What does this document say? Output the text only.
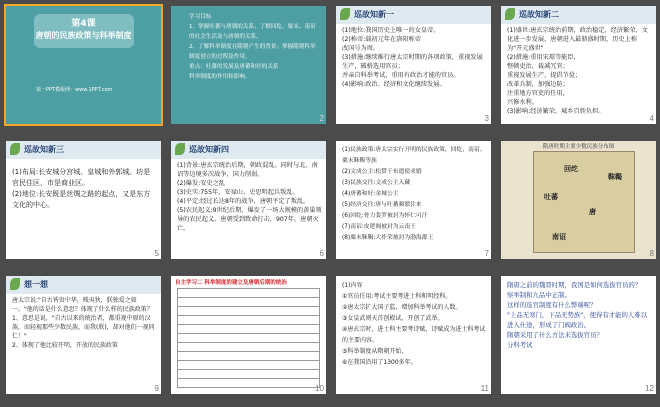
第4课
唐朝的民族政策与科举制度
第一PPT模板网：www.1PPT.com
学习目标
1、掌握吐蕃与唐朝的关系；了解回纥、粟末、南诏的社会生活及与唐朝的关系。
2、了解科举制度在隋朝产生的背景；掌握隋朝科举制度创立的过程及作用。
重点：吐蕃的发展及唐蕃和好的关系
科举制度的作用和影响。
2
巡故知新一
(1)地位:我国历史上唯一的女皇帝。
(2)称帝:载初元年在洛阳称帝
改国号为周。
(3)措施:继续推行唐太宗时期的各项政策，重视发展生产，破格选用官员；
并亲自科举考试，重用有政治才能的官员。
(4)影响:政治、经济和文化继续发展。
3
巡故知新二
(1)盛世:唐玄宗统治前期，政治稳定，经济繁荣，文化进一步发展，唐朝进入最鼎盛时期，历史上称为"开元盛世"
(2)措施:重用宋璟等能臣，
整顿吏治，裁减冗官；
重视发展生产，提倡节俭；
改革兵制，加强边防；
注重地方官吏的任用，
兴修水利。
(3)影响:经济繁荣，城乡百姓负担。
4
巡故知新三
(1)布局:长安城分宫城、皇城和外郭城。坊是官民住区，市是商业区。
(2)地位:长安既是丝绸之路的起点，又是东方文化的中心。
5
巡故知新四
(1)背景:唐玄宗统治后期，朝政混乱。同时与北、南诏等边境多次战争，国力削弱。
(2)爆发:安史之乱
(3)史实:755年，安禄山、史思明起兵叛乱。
(4)平定:经过长达8年的战争，唐朝平定了叛乱。
(5)农民起义:9世纪后期，爆发了一场大规模的黄巢领导的农民起义。唐朝受到致命打击，907年，唐朝灭亡。
6
(1)民族政策:唐太宗实行开明的民族政策，回纥、南诏、粟末靺鞨等族
(2)文成公主:松赞干布遣使求婚
(3)民族交往:文成公主入藏
(4)唐蕃和好:金城公主
(5)经济交往:唐与吐蕃频繁往来
(6)回纥:骨力裴罗被封为怀仁可汗
(7)南诏:皮逻阁被封为云南王
(8)粟末靺鞨:大祚荣被封为渤海郡王
7
隋唐时期主要少数民族分布图
吐蕃
回纥
南诏
唐
靺鞨
8
想一想
唐太宗说:"自古皆贵中华，贱夷狄，朕独爱之如一。"他的话是什么意思？体现了什么样的民族政策？
1、意思是说，"自古以来的统治者，都重视中原的汉族，而轻视那些少数民族，而我(朕)，却对他们一视同仁！"
2、体现了他比较开明，开放的民族政策
9
自主学习二 科举制度的建立及唐朝后期的统治
10
(1)内容
①官员任用:考试主要考进士科和明经科。
②唐太宗扩大国子监，增加科举考试的人数。
③女皇武则天首创殿试，开创了武举。
④唐玄宗时，进士科主要考诗赋，诗赋成为进士科考试的主要内容。
⑤科举制度从隋朝开始，
⑥在我国沿用了1300多年。
11
隋唐之前的魏晋时期，我国是如何选拔官员的？
察举制和九品中正制。
这样的选官制度有什么弊端呢？
"上品无寒门，下品无势族"，使得有才能的人难以进入仕途，形成了门阀政治。
隋朝采用了什么方法来选拔官员？
分科考试
12
